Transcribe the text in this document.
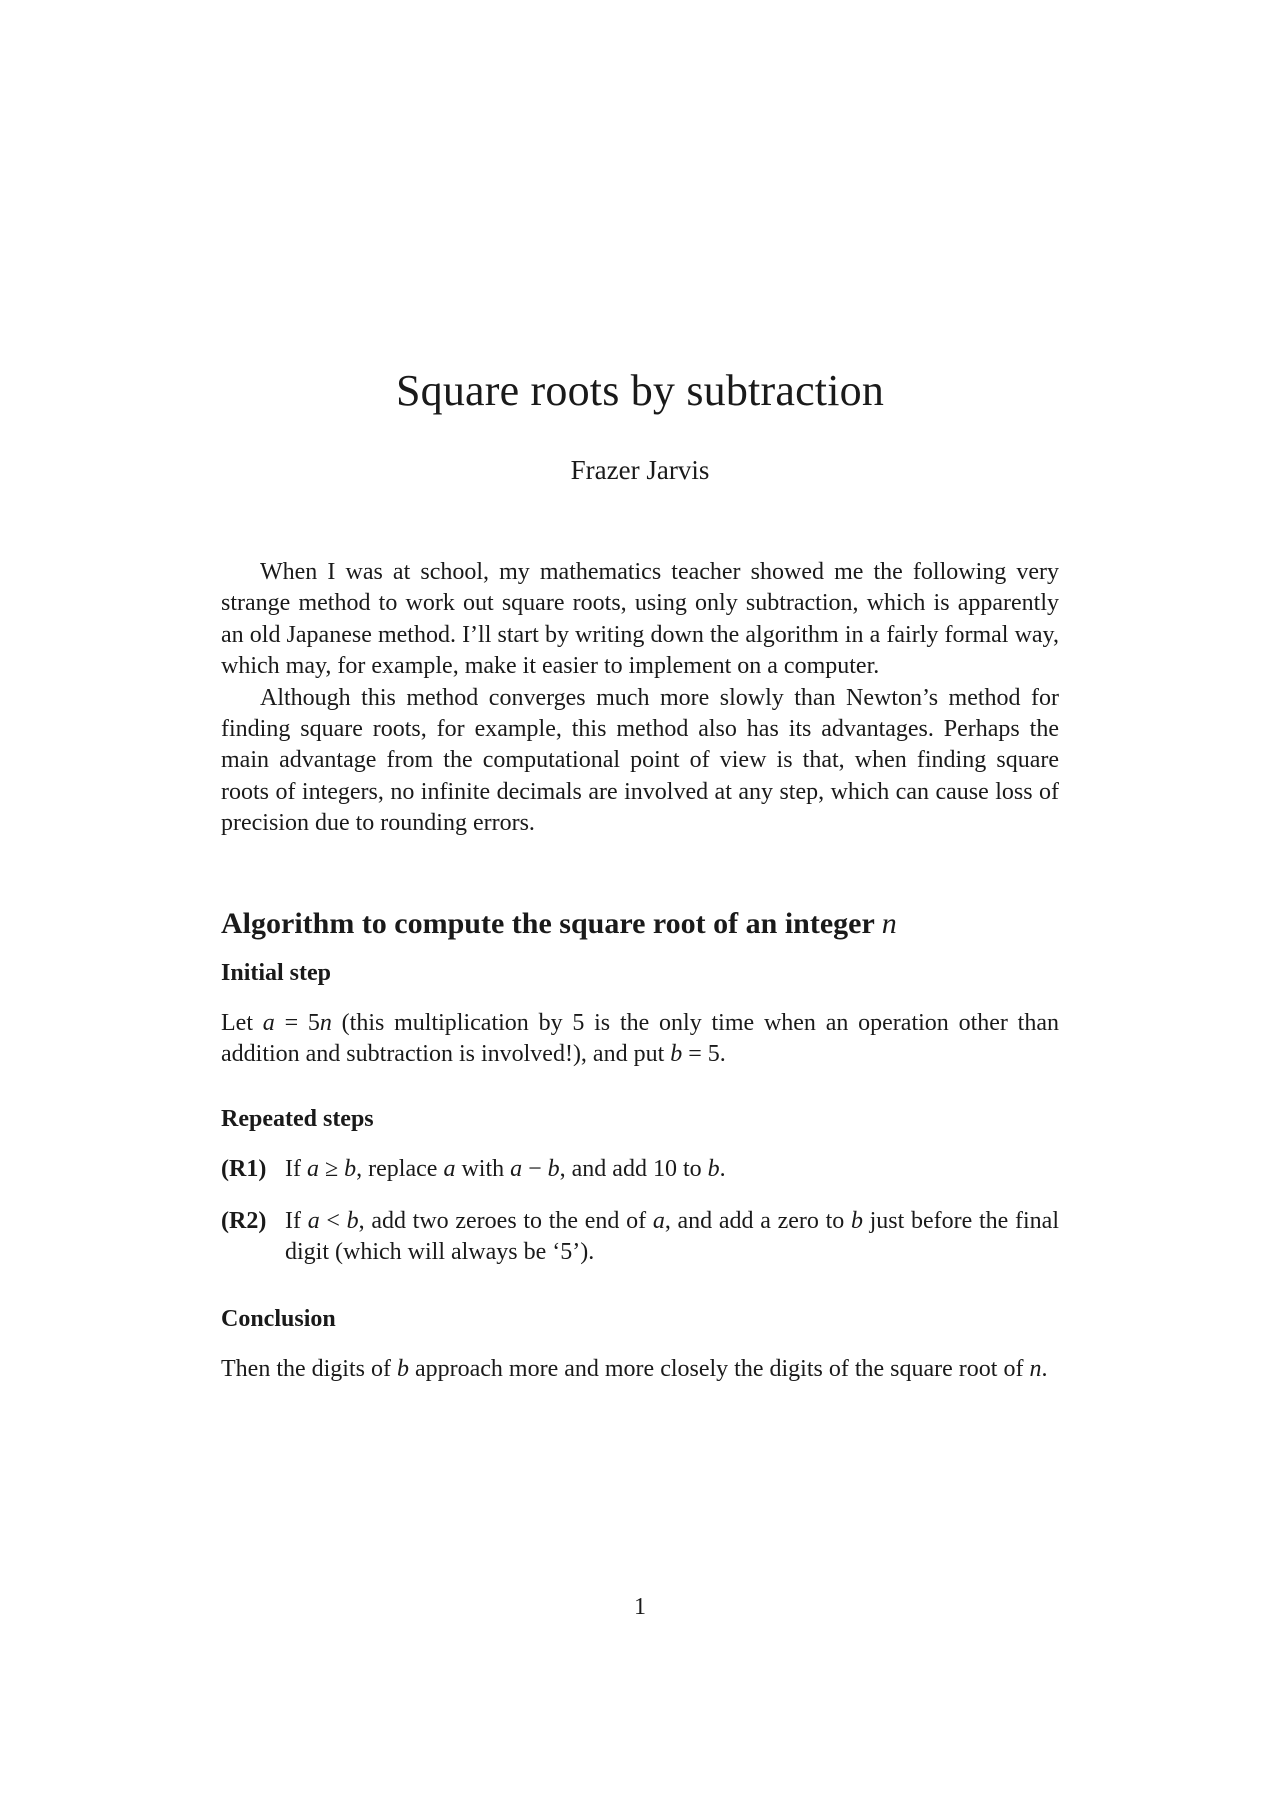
Square roots by subtraction
Frazer Jarvis

When I was at school, my mathematics teacher showed me the following very strange method to work out square roots, using only subtraction, which is apparently an old Japanese method. I’ll start by writing down the algorithm in a fairly formal way, which may, for example, make it easier to implement on a computer.

Although this method converges much more slowly than Newton’s method for finding square roots, for example, this method also has its advantages. Perhaps the main advantage from the computational point of view is that, when finding square roots of integers, no infinite decimals are involved at any step, which can cause loss of precision due to rounding errors.

Algorithm to compute the square root of an integer n
Initial step

Let a = 5n (this multiplication by 5 is the only time when an operation other than addition and subtraction is involved!), and put b = 5.

Repeated steps
(R1) If a ≥ b, replace a with a − b, and add 10 to b.
(R2) If a < b, add two zeroes to the end of a, and add a zero to b just before the final digit (which will always be ‘5’).
Conclusion

Then the digits of b approach more and more closely the digits of the square root of n.

1
